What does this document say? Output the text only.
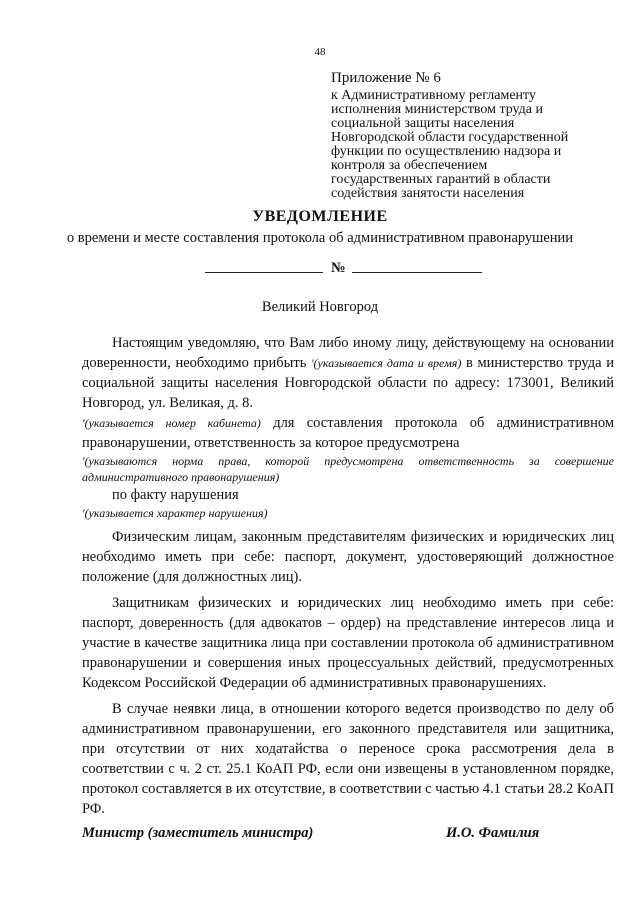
48
Приложение № 6
к Административному регламенту
исполнения министерством труда и
социальной защиты населения
Новгородской области государственной
функции по осуществлению надзора и
контроля за обеспечением
государственных гарантий в области
содействия занятости населения
УВЕДОМЛЕНИЕ
о времени и месте составления протокола об административном правонарушении
№
Великий Новгород

Настоящим уведомляю, что Вам либо иному лицу, действующему на основании доверенности, необходимо прибыть '(указывается дата и время) в министерство труда и социальной защиты населения Новгородской области по адресу: 173001, Великий Новгород, ул. Великая, д. 8.

'(указывается номер кабинета) для составления протокола об административном правонарушении, ответственность за которое предусмотрена

'(указываются норма права, которой предусмотрена ответственность за совершение административного правонарушения)

по факту нарушения

'(указывается характер нарушения)

Физическим лицам, законным представителям физических и юридических лиц необходимо иметь при себе: паспорт, документ, удостоверяющий должностное положение (для должностных лиц).

Защитникам физических и юридических лиц необходимо иметь при себе: паспорт, доверенность (для адвокатов – ордер) на представление интересов лица и участие в качестве защитника лица при составлении протокола об административном правонарушении и совершения иных процессуальных действий, предусмотренных Кодексом Российской Федерации об административных правонарушениях.

В случае неявки лица, в отношении которого ведется производство по делу об административном правонарушении, его законного представителя или защитника, при отсутствии от них ходатайства о переносе срока рассмотрения дела в соответствии с ч. 2 ст. 25.1 КоАП РФ, если они извещены в установленном порядке, протокол составляется в их отсутствие, в соответствии с частью 4.1 статьи 28.2 КоАП РФ.

Министр (заместитель министра)	И.О. Фамилия
